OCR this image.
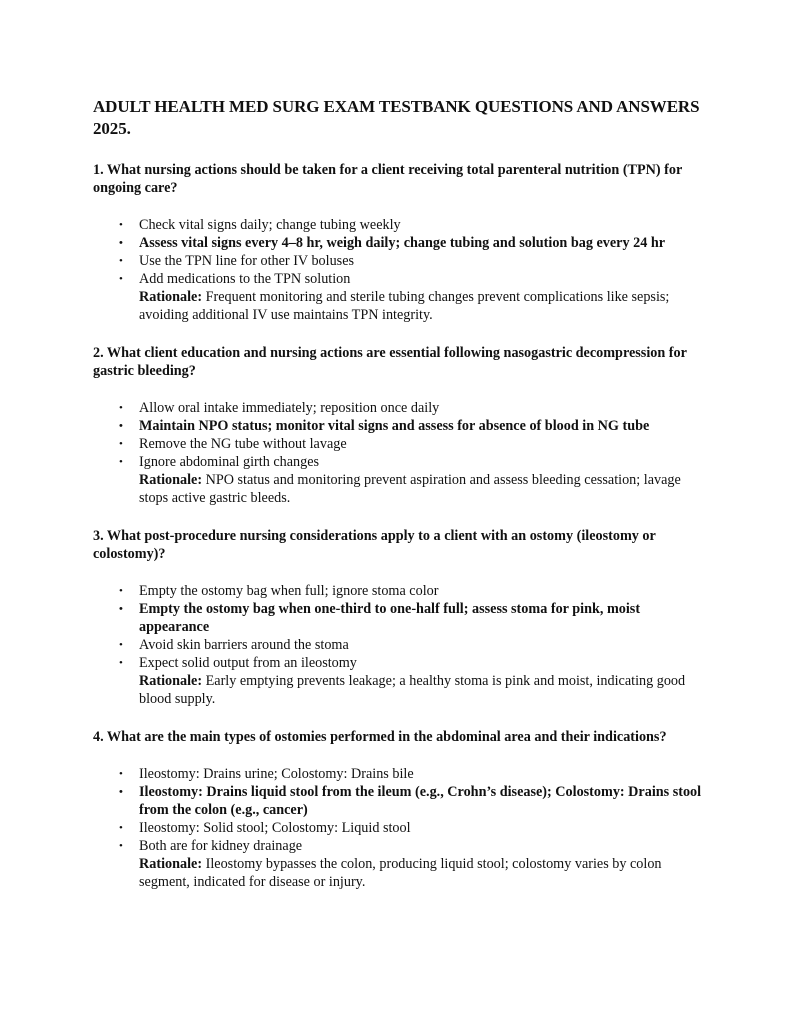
ADULT HEALTH MED SURG EXAM TESTBANK QUESTIONS AND ANSWERS 2025.
1. What nursing actions should be taken for a client receiving total parenteral nutrition (TPN) for ongoing care?
• Check vital signs daily; change tubing weekly
• Assess vital signs every 4–8 hr, weigh daily; change tubing and solution bag every 24 hr
• Use the TPN line for other IV boluses
• Add medications to the TPN solution
Rationale: Frequent monitoring and sterile tubing changes prevent complications like sepsis; avoiding additional IV use maintains TPN integrity.
2. What client education and nursing actions are essential following nasogastric decompression for gastric bleeding?
• Allow oral intake immediately; reposition once daily
• Maintain NPO status; monitor vital signs and assess for absence of blood in NG tube
• Remove the NG tube without lavage
• Ignore abdominal girth changes
Rationale: NPO status and monitoring prevent aspiration and assess bleeding cessation; lavage stops active gastric bleeds.
3. What post-procedure nursing considerations apply to a client with an ostomy (ileostomy or colostomy)?
• Empty the ostomy bag when full; ignore stoma color
• Empty the ostomy bag when one-third to one-half full; assess stoma for pink, moist appearance
• Avoid skin barriers around the stoma
• Expect solid output from an ileostomy
Rationale: Early emptying prevents leakage; a healthy stoma is pink and moist, indicating good blood supply.
4. What are the main types of ostomies performed in the abdominal area and their indications?
• Ileostomy: Drains urine; Colostomy: Drains bile
• Ileostomy: Drains liquid stool from the ileum (e.g., Crohn’s disease); Colostomy: Drains stool from the colon (e.g., cancer)
• Ileostomy: Solid stool; Colostomy: Liquid stool
• Both are for kidney drainage
Rationale: Ileostomy bypasses the colon, producing liquid stool; colostomy varies by colon segment, indicated for disease or injury.
